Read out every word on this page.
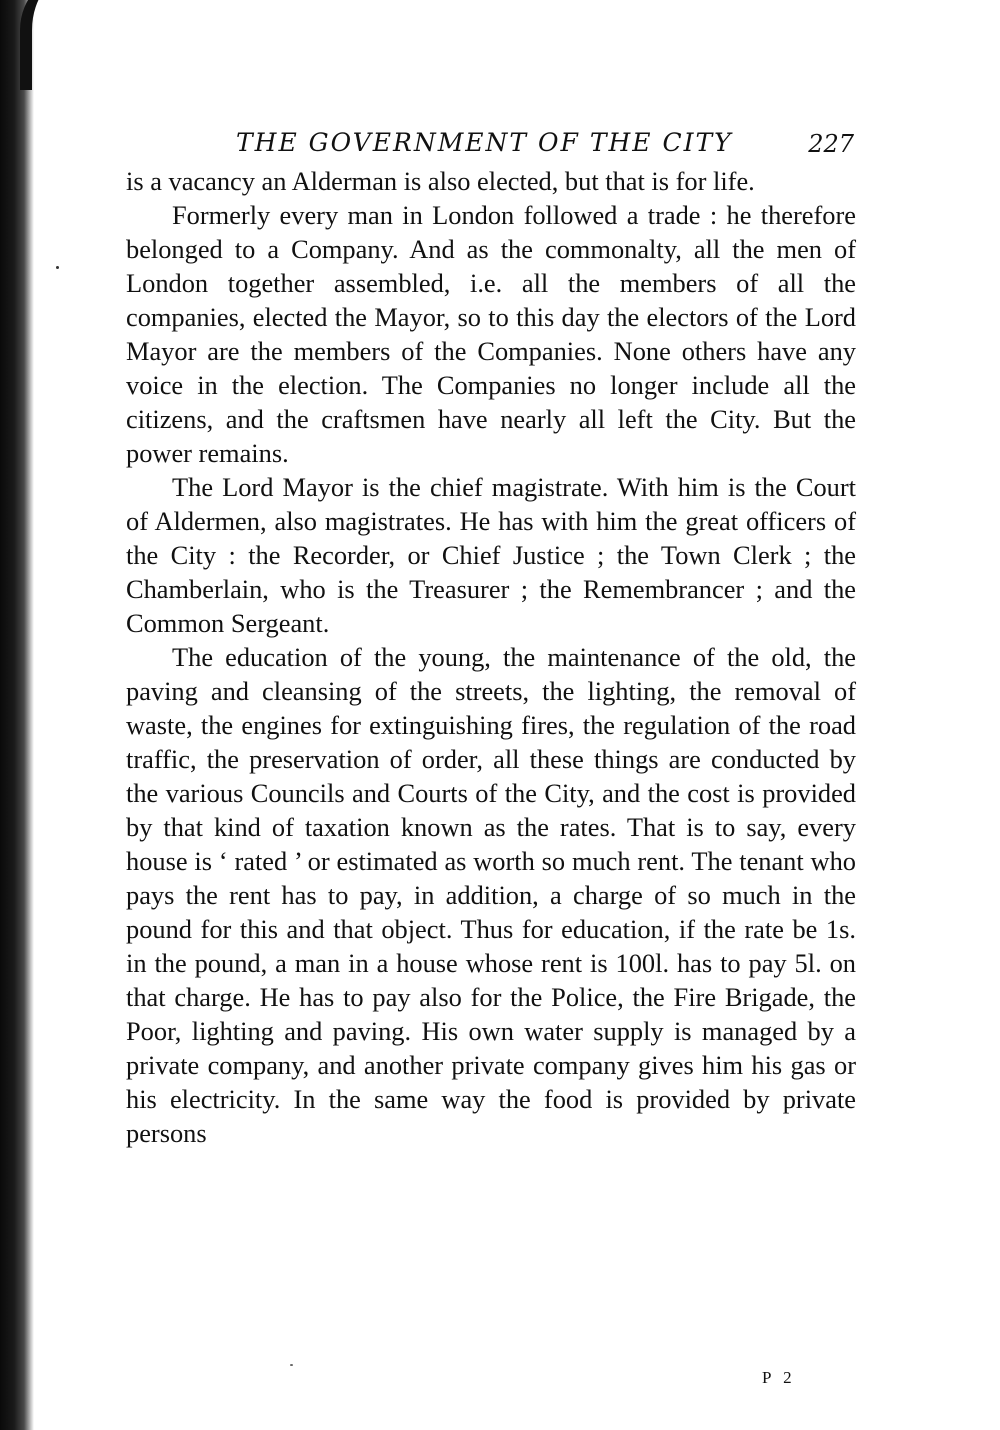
THE GOVERNMENT OF THE CITY	227

is a vacancy an Alderman is also elected, but that is for life.

Formerly every man in London followed a trade : he therefore belonged to a Company. And as the commonalty, all the men of London together assembled, i.e. all the members of all the companies, elected the Mayor, so to this day the electors of the Lord Mayor are the members of the Companies. None others have any voice in the election. The Companies no longer include all the citizens, and the craftsmen have nearly all left the City. But the power remains.

The Lord Mayor is the chief magistrate. With him is the Court of Aldermen, also magistrates. He has with him the great officers of the City : the Recorder, or Chief Justice ; the Town Clerk ; the Chamberlain, who is the Treasurer ; the Remembrancer ; and the Common Sergeant.

The education of the young, the maintenance of the old, the paving and cleansing of the streets, the lighting, the removal of waste, the engines for extinguishing fires, the regulation of the road traffic, the preservation of order, all these things are conducted by the various Councils and Courts of the City, and the cost is provided by that kind of taxation known as the rates. That is to say, every house is ‘ rated ’ or estimated as worth so much rent. The tenant who pays the rent has to pay, in addition, a charge of so much in the pound for this and that object. Thus for education, if the rate be 1s. in the pound, a man in a house whose rent is 100l. has to pay 5l. on that charge. He has to pay also for the Police, the Fire Brigade, the Poor, lighting and paving. His own water supply is managed by a private company, and another private company gives him his gas or his electricity. In the same way the food is provided by private persons

P 2
